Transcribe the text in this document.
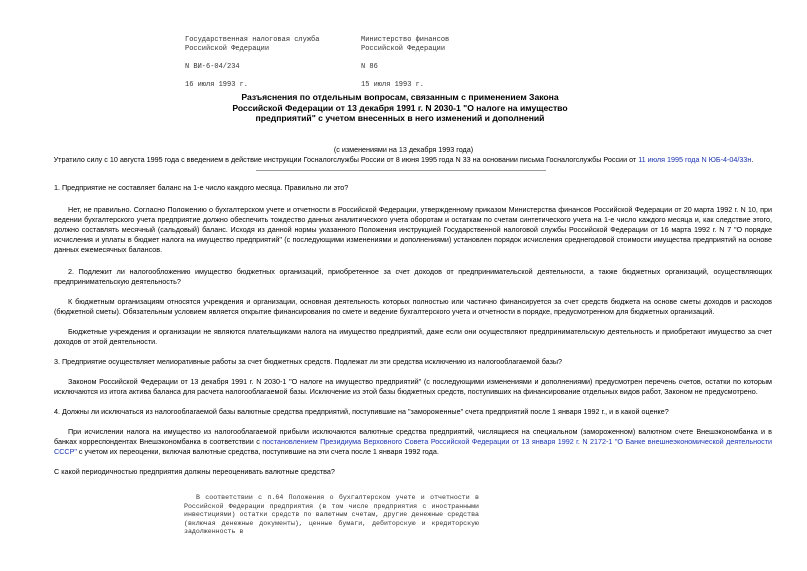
Государственная налоговая служба	Министерство финансов
Российской Федерации	Российской Федерации
N ВИ-6-04/234	N 86
16 июля 1993 г.	15 июля 1993 г.
Разъяснения по отдельным вопросам, связанным с применением Закона Российской Федерации от 13 декабря 1991 г. N 2030-1 "О налоге на имущество предприятий" с учетом внесенных в него изменений и дополнений
(с изменениями на 13 декабря 1993 года)
Утратило силу с 10 августа 1995 года с введением в действие инструкции Госналогслужбы России от 8 июня 1995 года N 33 на основании письма Госналогслужбы России от 11 июля 1995 года N ЮБ-4-04/33н.
1. Предприятие не составляет баланс на 1-е число каждого месяца. Правильно ли это?
Нет, не правильно. Согласно Положению о бухгалтерском учете и отчетности в Российской Федерации, утвержденному приказом Министерства финансов Российской Федерации от 20 марта 1992 г. N 10, при ведении бухгалтерского учета предприятие должно обеспечить тождество данных аналитического учета оборотам и остаткам по счетам синтетического учета на 1-е число каждого месяца и, как следствие этого, должно составлять месячный (сальдовый) баланс. Исходя из данной нормы указанного Положения инструкцией Государственной налоговой службы Российской Федерации от 16 марта 1992 г. N 7 "О порядке исчисления и уплаты в бюджет налога на имущество предприятий" (с последующими изменениями и дополнениями) установлен порядок исчисления среднегодовой стоимости имущества предприятий на основе данных ежемесячных балансов.
2. Подлежит ли налогообложению имущество бюджетных организаций, приобретенное за счет доходов от предпринимательской деятельности, а также бюджетных организаций, осуществляющих предпринимательскую деятельность?
К бюджетным организациям относятся учреждения и организации, основная деятельность которых полностью или частично финансируется за счет средств бюджета на основе сметы доходов и расходов (бюджетной сметы). Обязательным условием является открытие финансирования по смете и ведение бухгалтерского учета и отчетности в порядке, предусмотренном для бюджетных организаций.
Бюджетные учреждения и организации не являются плательщиками налога на имущество предприятий, даже если они осуществляют предпринимательскую деятельность и приобретают имущество за счет доходов от этой деятельности.
3. Предприятие осуществляет мелиоративные работы за счет бюджетных средств. Подлежат ли эти средства исключению из налогооблагаемой базы?
Законом Российской Федерации от 13 декабря 1991 г. N 2030-1 "О налоге на имущество предприятий" (с последующими изменениями и дополнениями) предусмотрен перечень счетов, остатки по которым исключаются из итога актива баланса для расчета налогооблагаемой базы. Исключение из этой базы бюджетных средств, поступивших на финансирование отдельных видов работ, Законом не предусмотрено.
4. Должны ли исключаться из налогооблагаемой базы валютные средства предприятий, поступившие на "замороженные" счета предприятий после 1 января 1992 г., и в какой оценке?
При исчислении налога на имущество из налогооблагаемой прибыли исключаются валютные средства предприятий, числящиеся на специальном (замороженном) валютном счете Внешэкономбанка и в банках корреспондентах Внешэкономбанка в соответствии с постановлением Президиума Верховного Совета Российской Федерации от 13 января 1992 г. N 2172-1 "О Банке внешнеэкономической деятельности СССР" с учетом их переоценки, включая валютные средства, поступившие на эти счета после 1 января 1992 года.
С какой периодичностью предприятия должны переоценивать валютные средства?
В соответствии с п.64 Положения о бухгалтерском учете и отчетности в Российской Федерации предприятия (в том числе предприятия с иностранными инвестициями) остатки средств по валютным счетам, другие денежные средства (включая денежные документы), ценные бумаги, дебиторскую и кредиторскую задолженность в
